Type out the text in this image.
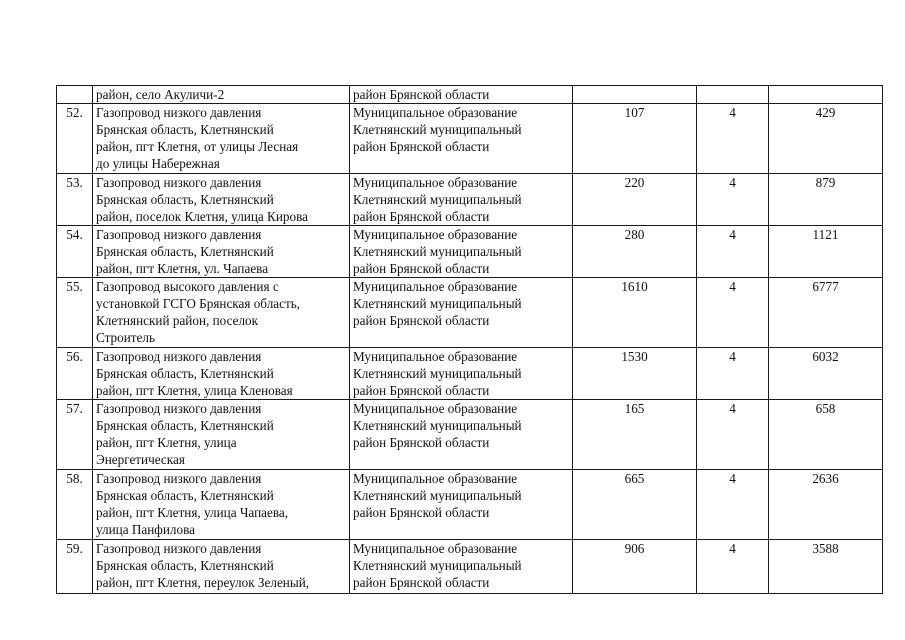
	район, село Акуличи-2	район Брянской области			

52.	Газопровод низкого давления
Брянская область, Клетнянский
район, пгт Клетня, от улицы Лесная
до улицы Набережная	Муниципальное образование
Клетнянский муниципальный
район Брянской области	107	4	429
53.	Газопровод низкого давления
Брянская область, Клетнянский
район, поселок Клетня, улица Кирова	Муниципальное образование
Клетнянский муниципальный
район Брянской области	220	4	879
54.	Газопровод низкого давления
Брянская область, Клетнянский
район, пгт Клетня, ул. Чапаева	Муниципальное образование
Клетнянский муниципальный
район Брянской области	280	4	1121
55.	Газопровод высокого давления с
установкой ГСГО Брянская область,
Клетнянский район, поселок
Строитель	Муниципальное образование
Клетнянский муниципальный
район Брянской области	1610	4	6777
56.	Газопровод низкого давления
Брянская область, Клетнянский
район, пгт Клетня, улица Кленовая	Муниципальное образование
Клетнянский муниципальный
район Брянской области	1530	4	6032
57.	Газопровод низкого давления
Брянская область, Клетнянский
район, пгт Клетня, улица
Энергетическая	Муниципальное образование
Клетнянский муниципальный
район Брянской области	165	4	658
58.	Газопровод низкого давления
Брянская область, Клетнянский
район, пгт Клетня, улица Чапаева,
улица Панфилова	Муниципальное образование
Клетнянский муниципальный
район Брянской области	665	4	2636
59.	Газопровод низкого давления
Брянская область, Клетнянский
район, пгт Клетня, переулок Зеленый,	Муниципальное образование
Клетнянский муниципальный
район Брянской области	906	4	3588
